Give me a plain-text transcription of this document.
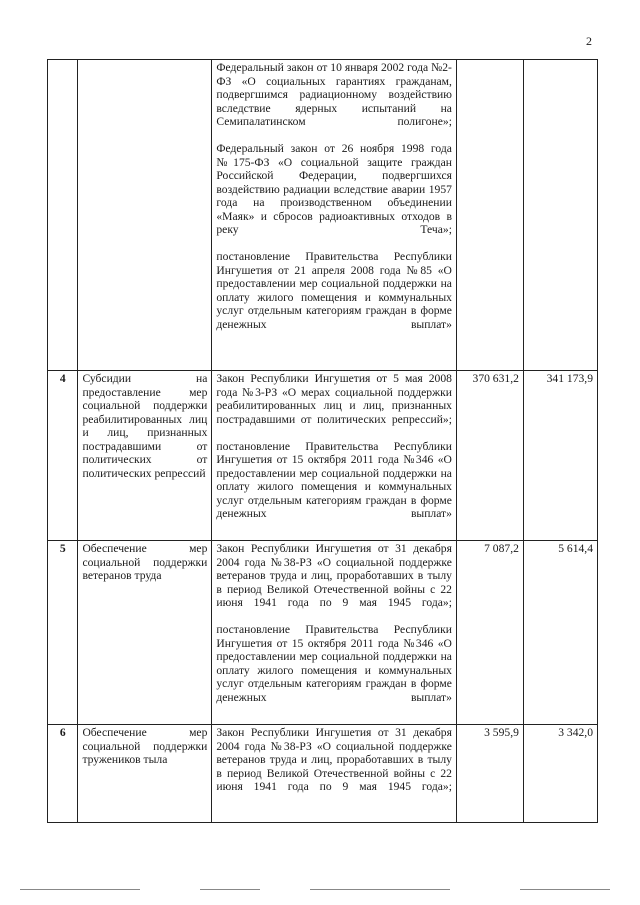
2

		Федеральный закон от 10 января 2002 года №2-ФЗ «О социальных гарантиях гражданам, подвергшимся радиационному воздействию вследствие ядерных испытаний на Семипалатинском полигоне»;
Федеральный закон от 26 ноября 1998 года №175-ФЗ «О социальной защите граждан Российской Федерации, подвергшихся воздействию радиации вследствие аварии 1957 года на производственном объединении «Маяк» и сбросов радиоактивных отходов в реку Теча»;
постановление Правительства Республики Ингушетия от 21 апреля 2008 года №85 «О предоставлении мер социальной поддержки на оплату жилого помещения и коммунальных услуг отдельным категориям граждан в форме денежных выплат»		

4	Субсидии на предоставление мер социальной поддержки реабилитированных лиц и лиц, признанных пострадавшими от политических от политических репрессий	Закон Республики Ингушетия от 5 мая 2008 года №3-РЗ «О мерах социальной поддержки реабилитированных лиц и лиц, признанных пострадавшими от политических репрессий»;
постановление Правительства Республики Ингушетия от 15 октября 2011 года №346 «О предоставлении мер социальной поддержки на оплату жилого помещения и коммунальных услуг отдельным категориям граждан в форме денежных выплат»	370 631,2	341 173,9
5	Обеспечение мер социальной поддержки ветеранов труда	Закон Республики Ингушетия от 31 декабря 2004 года №38-РЗ «О социальной поддержке ветеранов труда и лиц, проработавших в тылу в период Великой Отечественной войны с 22 июня 1941 года по 9 мая 1945 года»;
постановление Правительства Республики Ингушетия от 15 октября 2011 года №346 «О предоставлении мер социальной поддержки на оплату жилого помещения и коммунальных услуг отдельным категориям граждан в форме денежных выплат»	7 087,2	5 614,4
6	Обеспечение мер социальной поддержки тружеников тыла	Закон Республики Ингушетия от 31 декабря 2004 года №38-РЗ «О социальной поддержке ветеранов труда и лиц, проработавших в тылу в период Великой Отечественной войны с 22 июня 1941 года по 9 мая 1945 года»;	3 595,9	3 342,0
